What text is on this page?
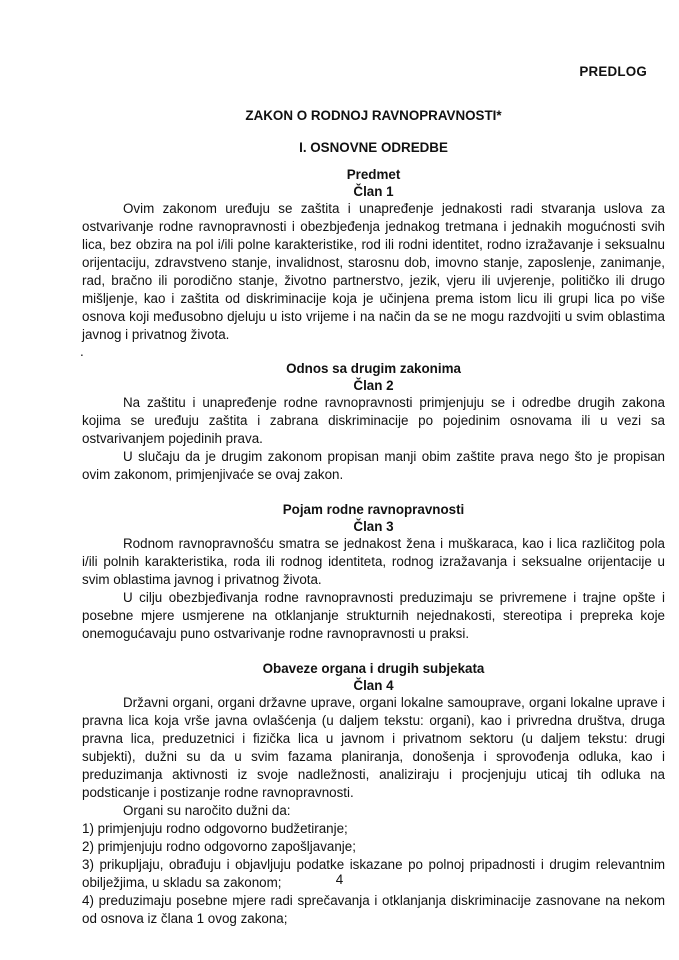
PREDLOG
ZAKON O RODNOJ RAVNOPRAVNOSTI*
I. OSNOVNE ODREDBE
Predmet
Član 1

Ovim zakonom uređuju se zaštita i unapređenje jednakosti radi stvaranja uslova za ostvarivanje rodne ravnopravnosti i obezbjeđenja jednakog tretmana i jednakih mogućnosti svih lica, bez obzira na pol i/ili polne karakteristike, rod ili rodni identitet, rodno izražavanje i seksualnu orijentaciju, zdravstveno stanje, invalidnost, starosnu dob, imovno stanje, zaposlenje, zanimanje, rad, bračno ili porodično stanje, životno partnerstvo, jezik, vjeru ili uvjerenje, političko ili drugo mišljenje, kao i zaštita od diskriminacije koja je učinjena prema istom licu ili grupi lica po više osnova koji međusobno djeluju u isto vrijeme i na način da se ne mogu razdvojiti u svim oblastima javnog i privatnog života.

.
Odnos sa drugim zakonima
Član 2

Na zaštitu i unapređenje rodne ravnopravnosti primjenjuju se i odredbe drugih zakona kojima se uređuju zaštita i zabrana diskriminacije po pojedinim osnovama ili u vezi sa ostvarivanjem pojedinih prava.

U slučaju da je drugim zakonom propisan manji obim zaštite prava nego što je propisan ovim zakonom, primjenjivaće se ovaj zakon.

Pojam rodne ravnopravnosti
Član 3

Rodnom ravnopravnošću smatra se jednakost žena i muškaraca, kao i lica različitog pola i/ili polnih karakteristika, roda ili rodnog identiteta, rodnog izražavanja i seksualne orijentacije u svim oblastima javnog i privatnog života.

U cilju obezbjeđivanja rodne ravnopravnosti preduzimaju se privremene i trajne opšte i posebne mjere usmjerene na otklanjanje strukturnih nejednakosti, stereotipa i prepreka koje onemogućavaju puno ostvarivanje rodne ravnopravnosti u praksi.

Obaveze organa i drugih subjekata
Član 4

Državni organi, organi državne uprave, organi lokalne samouprave, organi lokalne uprave i pravna lica koja vrše javna ovlašćenja (u daljem tekstu: organi), kao i privredna društva, druga pravna lica, preduzetnici i fizička lica u javnom i privatnom sektoru (u daljem tekstu: drugi subjekti), dužni su da u svim fazama planiranja, donošenja i sprovođenja odluka, kao i preduzimanja aktivnosti iz svoje nadležnosti, analiziraju i procjenjuju uticaj tih odluka na podsticanje i postizanje rodne ravnopravnosti.

Organi su naročito dužni da:

1) primjenjuju rodno odgovorno budžetiranje;

2) primjenjuju rodno odgovorno zapošljavanje;

3) prikupljaju, obrađuju i objavljuju podatke iskazane po polnoj pripadnosti i drugim relevantnim obilježjima, u skladu sa zakonom;

4) preduzimaju posebne mjere radi sprečavanja i otklanjanja diskriminacije zasnovane na nekom od osnova iz člana 1 ovog zakona;

4
